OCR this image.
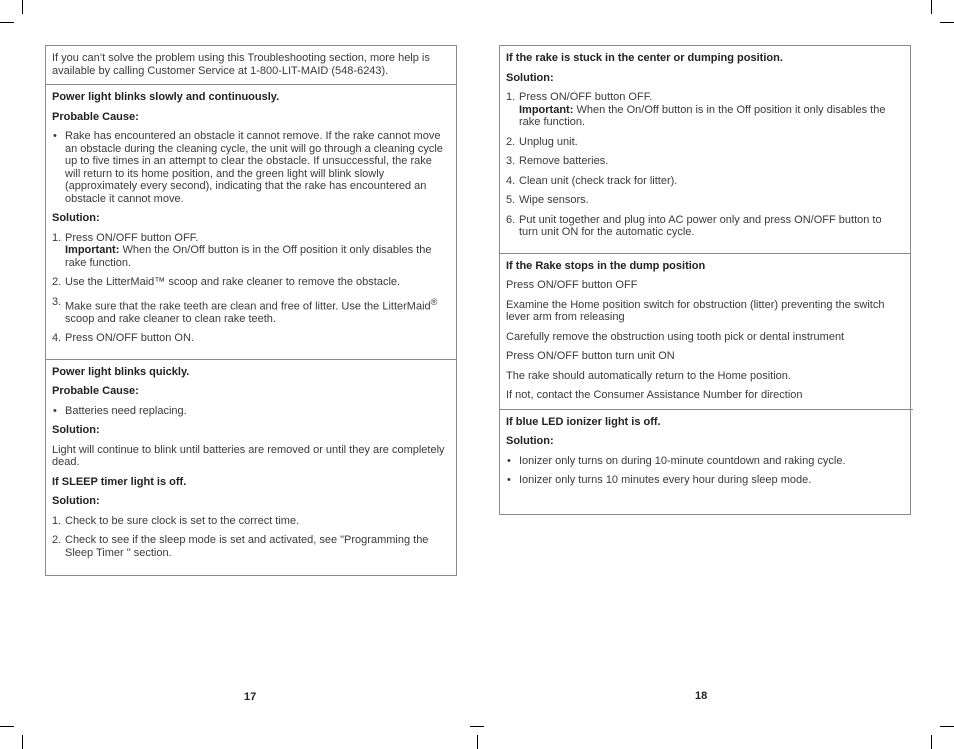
If you can’t solve the problem using this Troubleshooting section, more help is available by calling Customer Service at 1-800-LIT-MAID (548-6243).

Power light blinks slowly and continuously.

Probable Cause:

• Rake has encountered an obstacle it cannot remove. If the rake cannot move an obstacle during the cleaning cycle, the unit will go through a cleaning cycle up to five times in an attempt to clear the obstacle. If unsuccessful, the rake will return to its home position, and the green light will blink slowly (approximately every second), indicating that the rake has encountered an obstacle it cannot move.

Solution:

1. Press ON/OFF button OFF.
Important: When the On/Off button is in the Off position it only disables the rake function.
2. Use the LitterMaid™ scoop and rake cleaner to remove the obstacle.
3. Make sure that the rake teeth are clean and free of litter. Use the LitterMaid® scoop and rake cleaner to clean rake teeth.
4. Press ON/OFF button ON.

Power light blinks quickly.

Probable Cause:

• Batteries need replacing.

Solution:

Light will continue to blink until batteries are removed or until they are completely dead.

If SLEEP timer light is off.

Solution:

1. Check to be sure clock is set to the correct time.
2. Check to see if the sleep mode is set and activated, see "Programming the Sleep Timer " section.
17

If the rake is stuck in the center or dumping position.

Solution:

1. Press ON/OFF button OFF.
Important: When the On/Off button is in the Off position it only disables the rake function.
2. Unplug unit.
3. Remove batteries.
4. Clean unit (check track for litter).
5. Wipe sensors.
6. Put unit together and plug into AC power only and press ON/OFF button to turn unit ON for the automatic cycle.

If the Rake stops in the dump position

Press ON/OFF button OFF

Examine the Home position switch for obstruction (litter) preventing the switch lever arm from releasing

Carefully remove the obstruction using tooth pick or dental instrument

Press ON/OFF button turn unit ON

The rake should automatically return to the Home position.

If not, contact the Consumer Assistance Number for direction

If blue LED ionizer light is off.

Solution:

• Ionizer only turns on during 10-minute countdown and raking cycle.
• Ionizer only turns 10 minutes every hour during sleep mode.
18
